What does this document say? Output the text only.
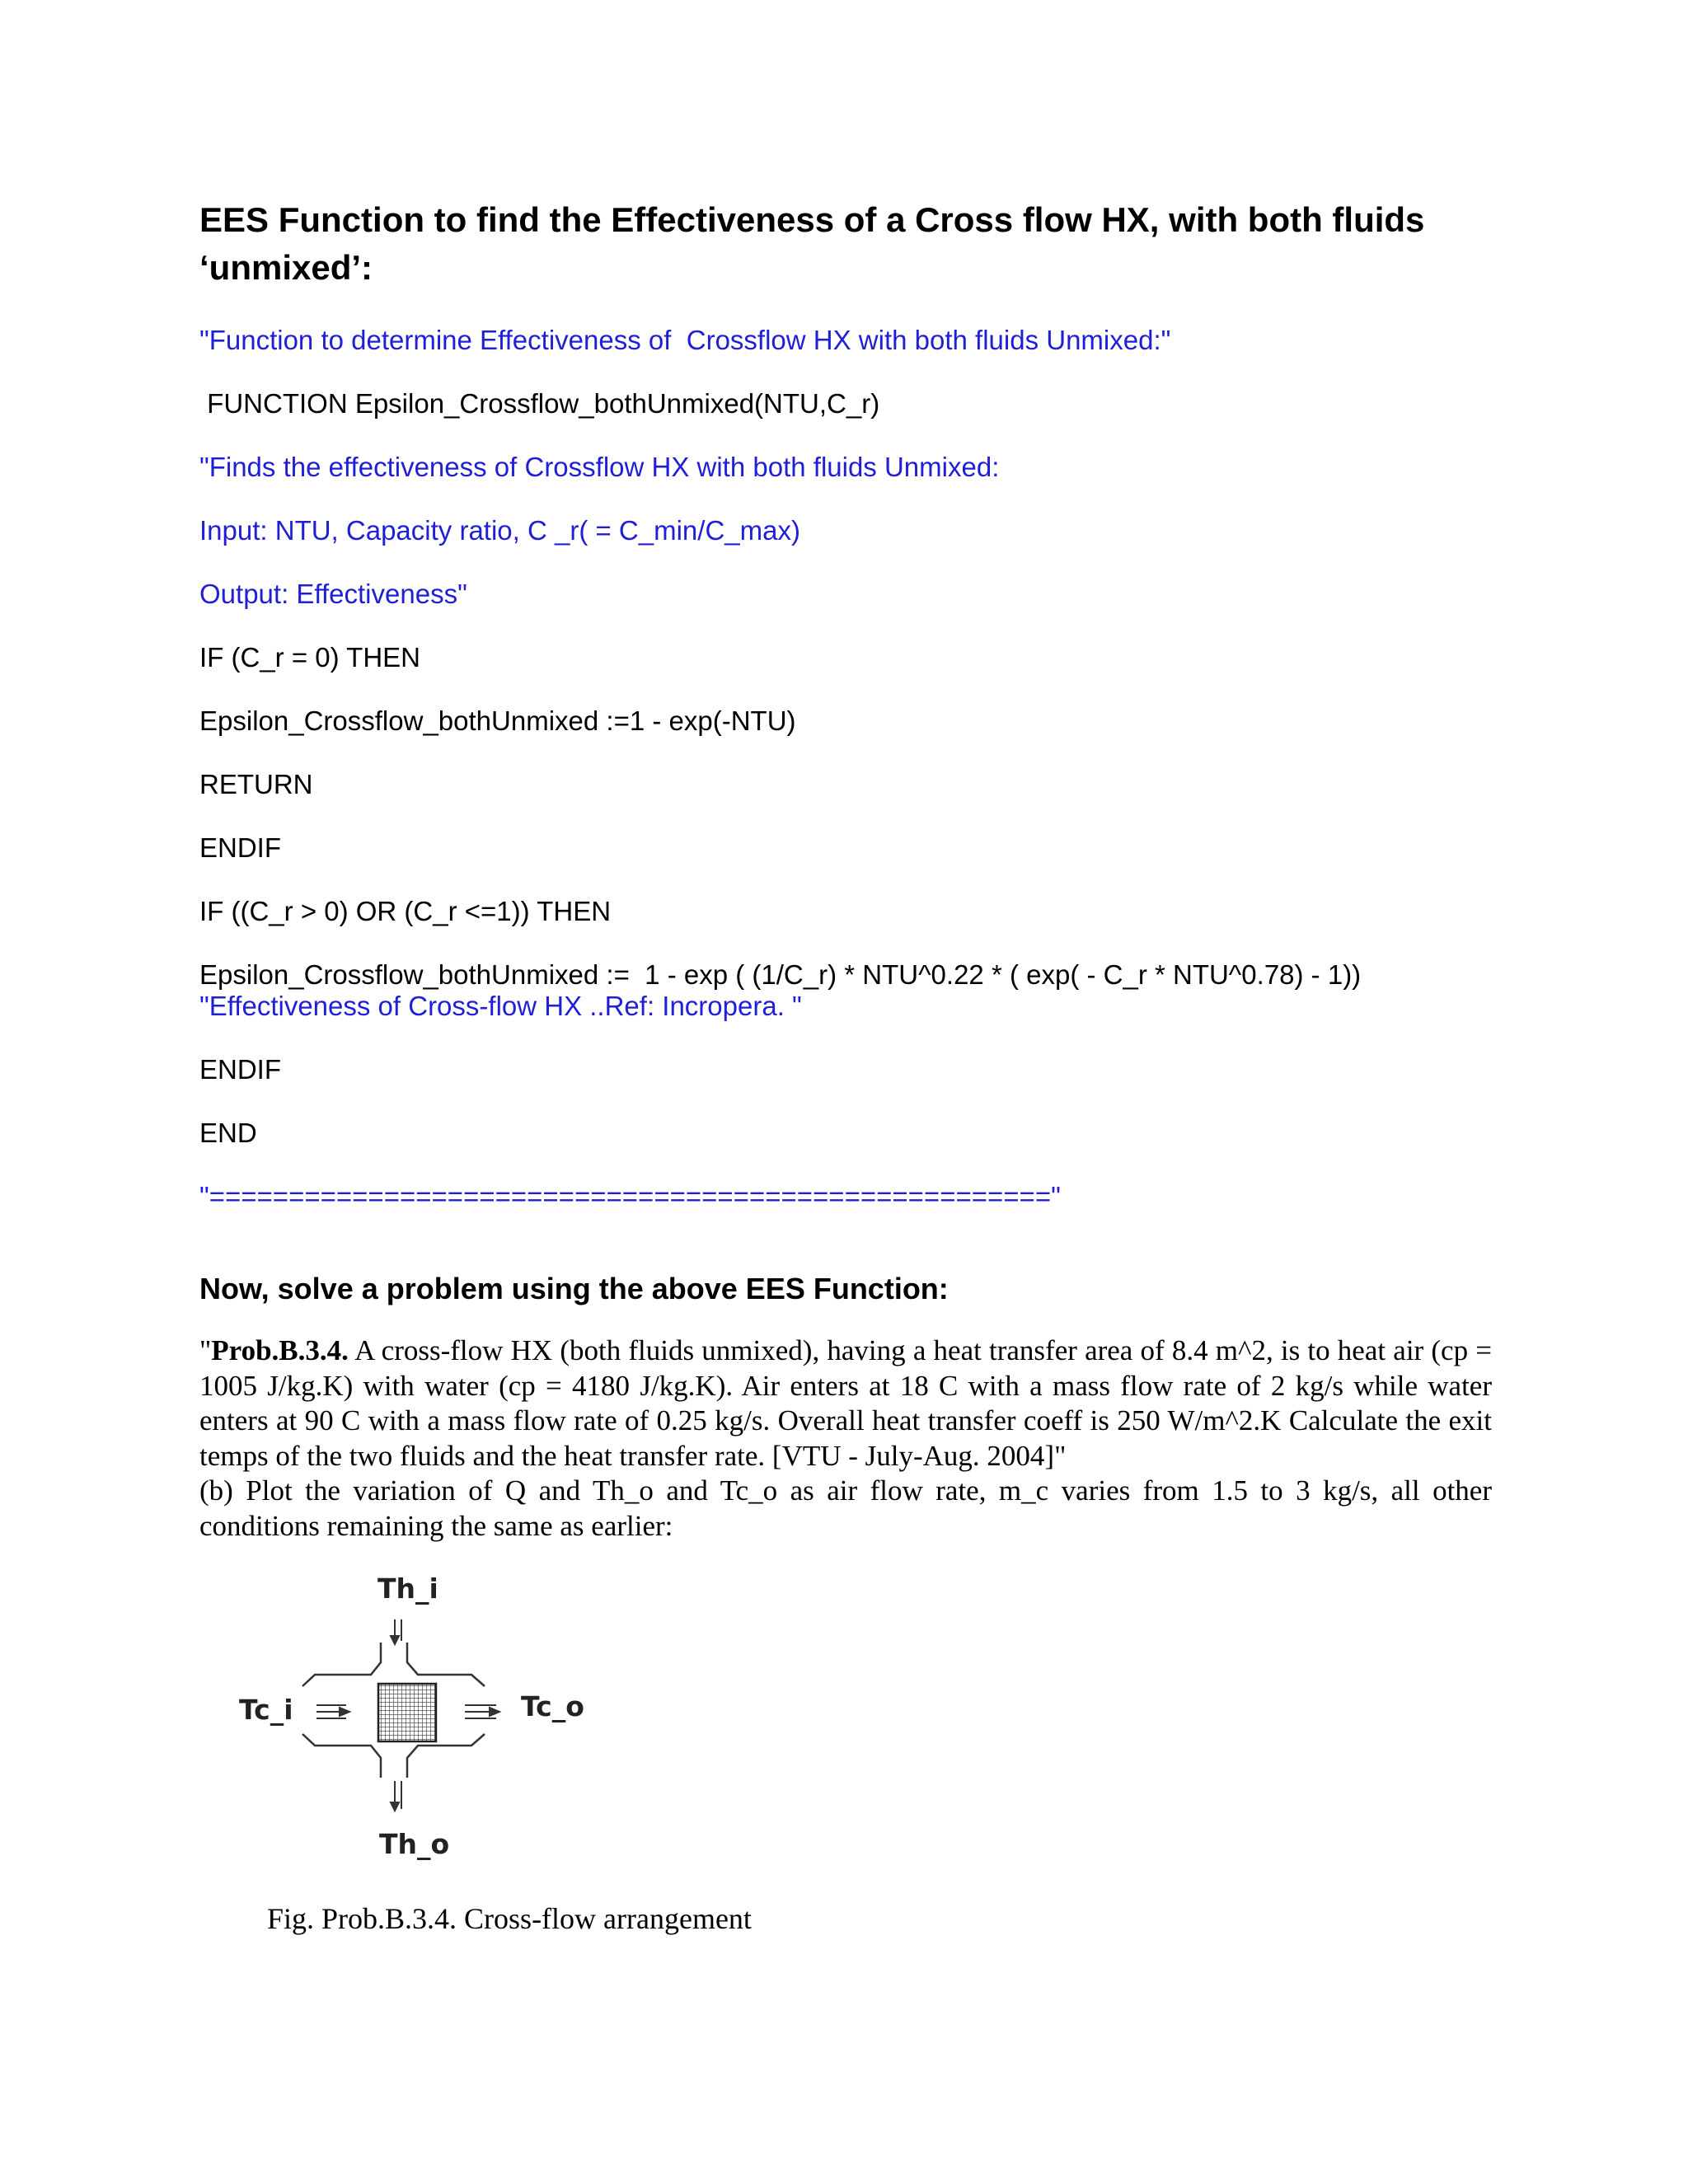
EES Function to find the Effectiveness of a Cross flow HX, with both fluids ‘unmixed’:
"Function to determine Effectiveness of  Crossflow HX with both fluids Unmixed:"
FUNCTION Epsilon_Crossflow_bothUnmixed(NTU,C_r)
"Finds the effectiveness of Crossflow HX with both fluids Unmixed:
Input: NTU, Capacity ratio, C _r( = C_min/C_max)
Output: Effectiveness"
IF (C_r = 0) THEN
Epsilon_Crossflow_bothUnmixed :=1 - exp(-NTU)
RETURN
ENDIF
IF ((C_r > 0) OR (C_r <=1)) THEN
Epsilon_Crossflow_bothUnmixed :=  1 - exp ( (1/C_r) * NTU^0.22 * ( exp( - C_r * NTU^0.78) - 1))
"Effectiveness of Cross-flow HX ..Ref: Incropera. "
ENDIF
END
"====================================================="
Now, solve a problem using the above EES Function:

"Prob.B.3.4. A cross-flow HX (both fluids unmixed), having a heat transfer area of 8.4 m^2, is to heat air (cp = 1005 J/kg.K) with water (cp = 4180 J/kg.K). Air enters at 18 C with a mass flow rate of 2 kg/s while water enters at 90 C with a mass flow rate of 0.25 kg/s. Overall heat transfer coeff is 250 W/m^2.K Calculate the exit temps of the two fluids and the heat transfer rate. [VTU - July-Aug. 2004]"

(b) Plot the variation of Q and Th_o and Tc_o as air flow rate, m_c varies from 1.5 to 3 kg/s, all other conditions remaining the same as earlier:

Th_i
Tc_i	Tc_o
Th_o
Fig. Prob.B.3.4. Cross-flow arrangement
